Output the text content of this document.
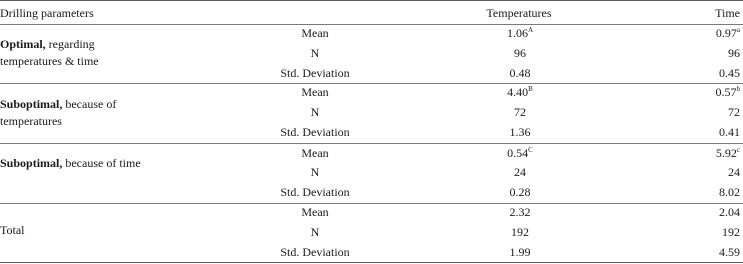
Drilling parameters	Temperatures	Time
Optimal, regarding temperatures & time
Mean	$1.06^A$	0.97$^a$
N	96	96
Std. Deviation	0.48	0.45
Suboptimal, because of temperatures
Mean	$4.40^B$	0.57$^b$
N	72	72
Std. Deviation	1.36	0.41
Suboptimal, because of time
Mean	$0.54^C$	5.92$^c$
N	24	24
Std. Deviation	0.28	8.02
Total
Mean	2.32	2.04
N	192	192
Std. Deviation	1.99	4.59
